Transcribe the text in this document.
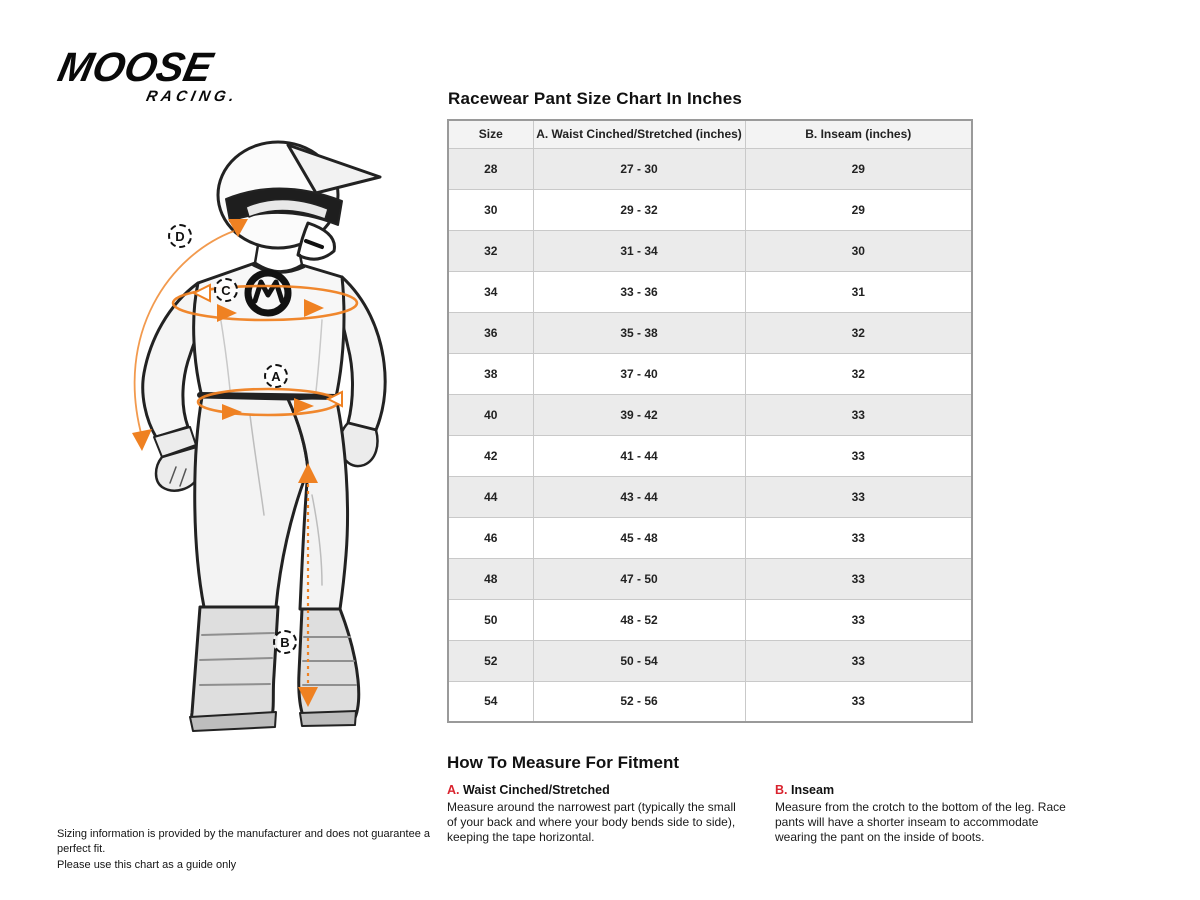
MOOSE
RACING.
D
C
A
B
Racewear Pant Size Chart In Inches
Size	A. Waist Cinched/Stretched (inches)	B. Inseam (inches)
28	27 - 30	29
30	29 - 32	29
32	31 - 34	30
34	33 - 36	31
36	35 - 38	32
38	37 - 40	32
40	39 - 42	33
42	41 - 44	33
44	43 - 44	33
46	45 - 48	33
48	47 - 50	33
50	48 - 52	33
52	50 - 54	33
54	52 - 56	33
How To Measure For Fitment

A. Waist Cinched/Stretched

Measure around the narrowest part (typically the small of your back and where your body bends side to side), keeping the tape horizontal.

B. Inseam

Measure from the crotch to the bottom of the leg. Race pants will have a shorter inseam to accommodate wearing the pant on the inside of boots.

Sizing information is provided by the manufacturer and does not guarantee a perfect fit.
Please use this chart as a guide only
